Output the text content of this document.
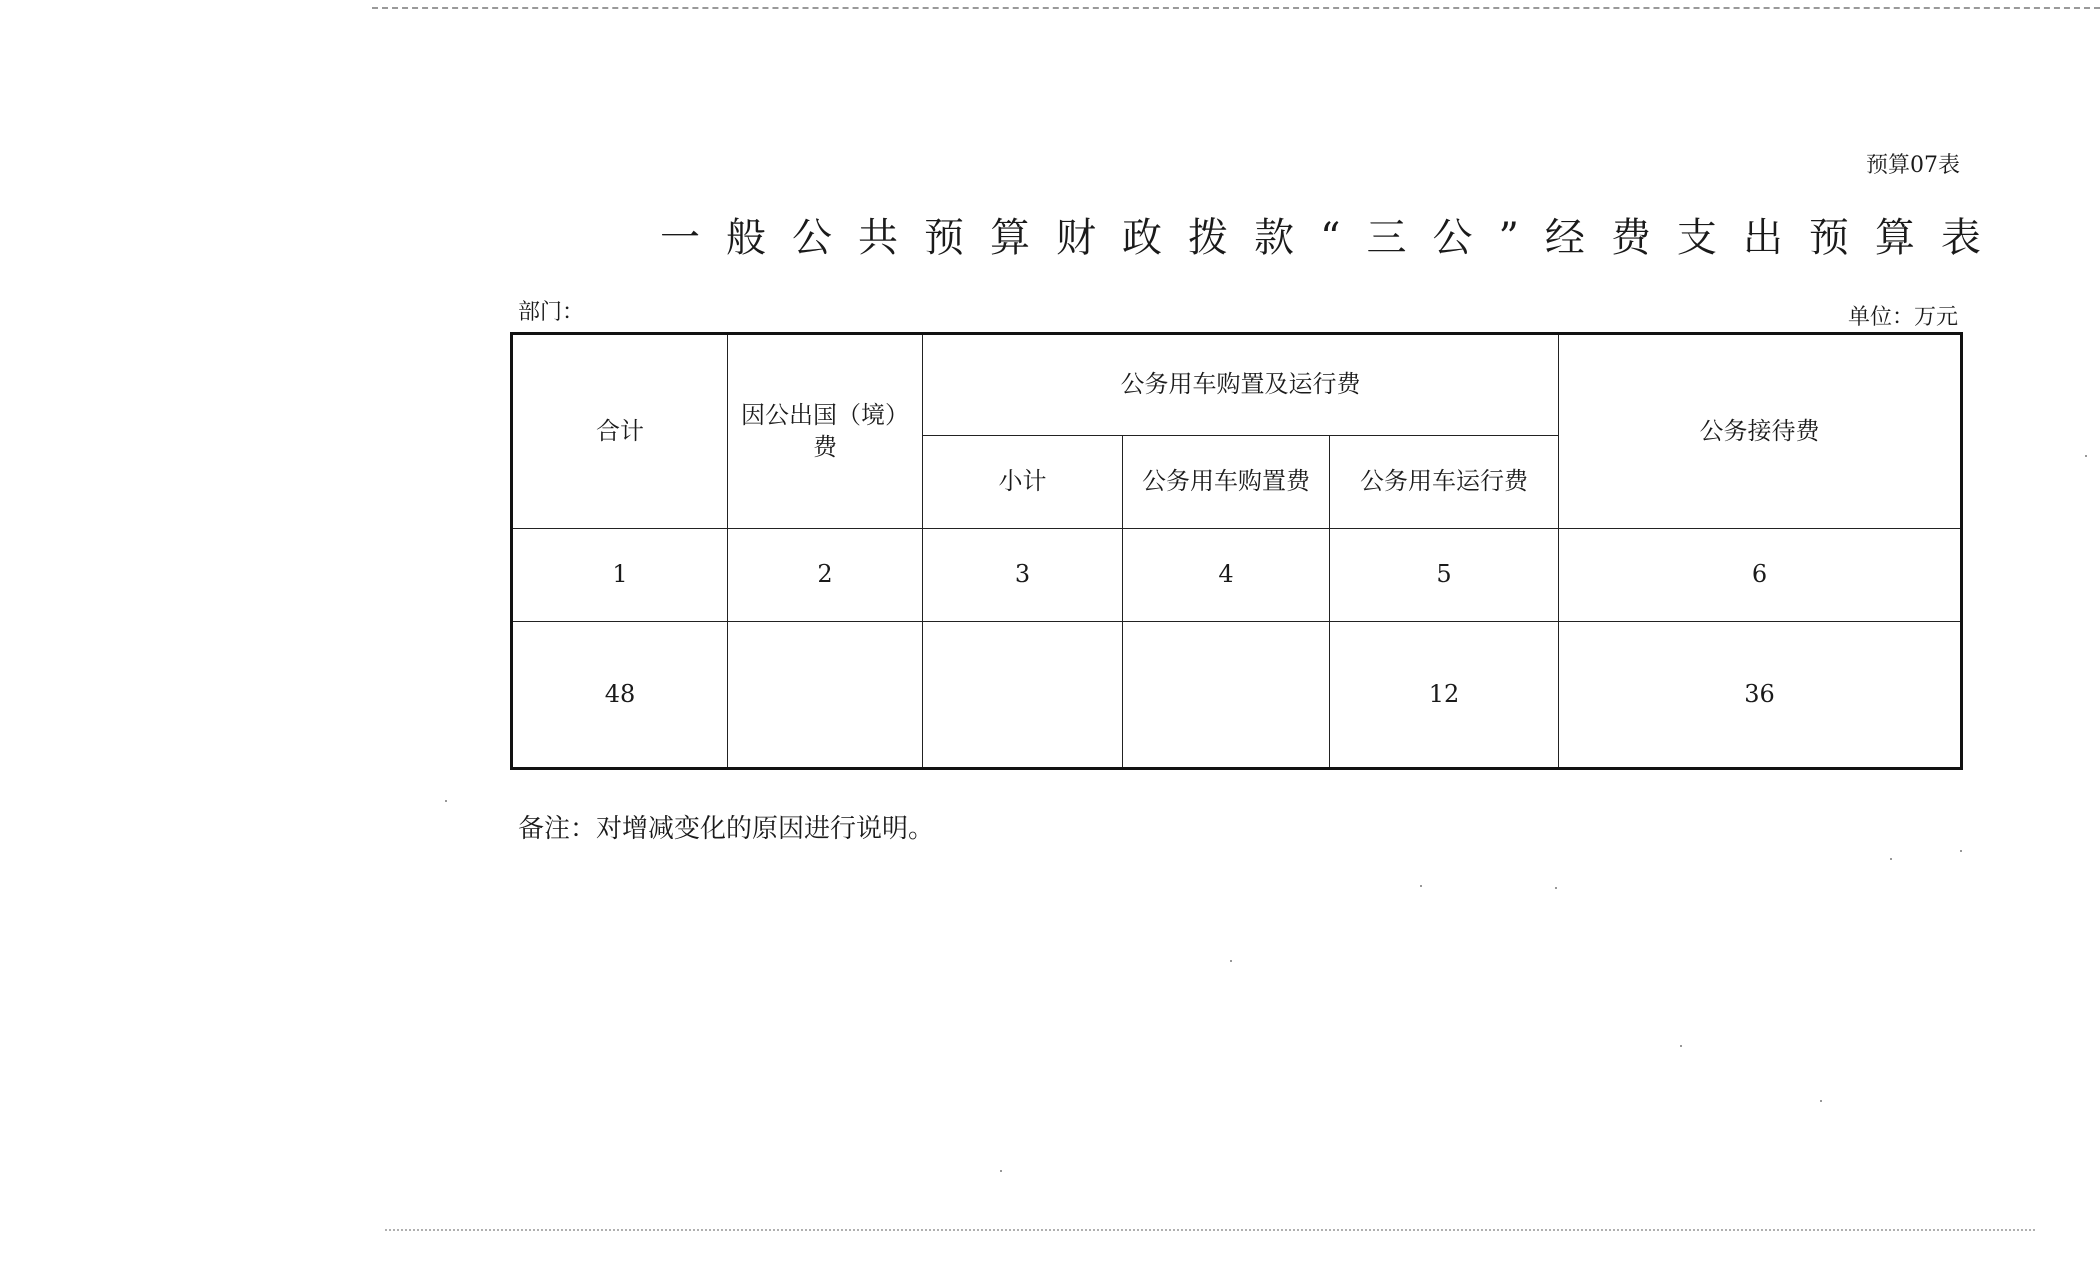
预算07表
一般公共预算财政拨款“三公”经费支出预算表
部门：	单位：万元
合计	因公出国（境）费	公务用车购置及运行费			公务接待费
		小计	公务用车购置费	公务用车运行费	
1	2	3	4	5	6
48				12	36
备注：对增减变化的原因进行说明。
